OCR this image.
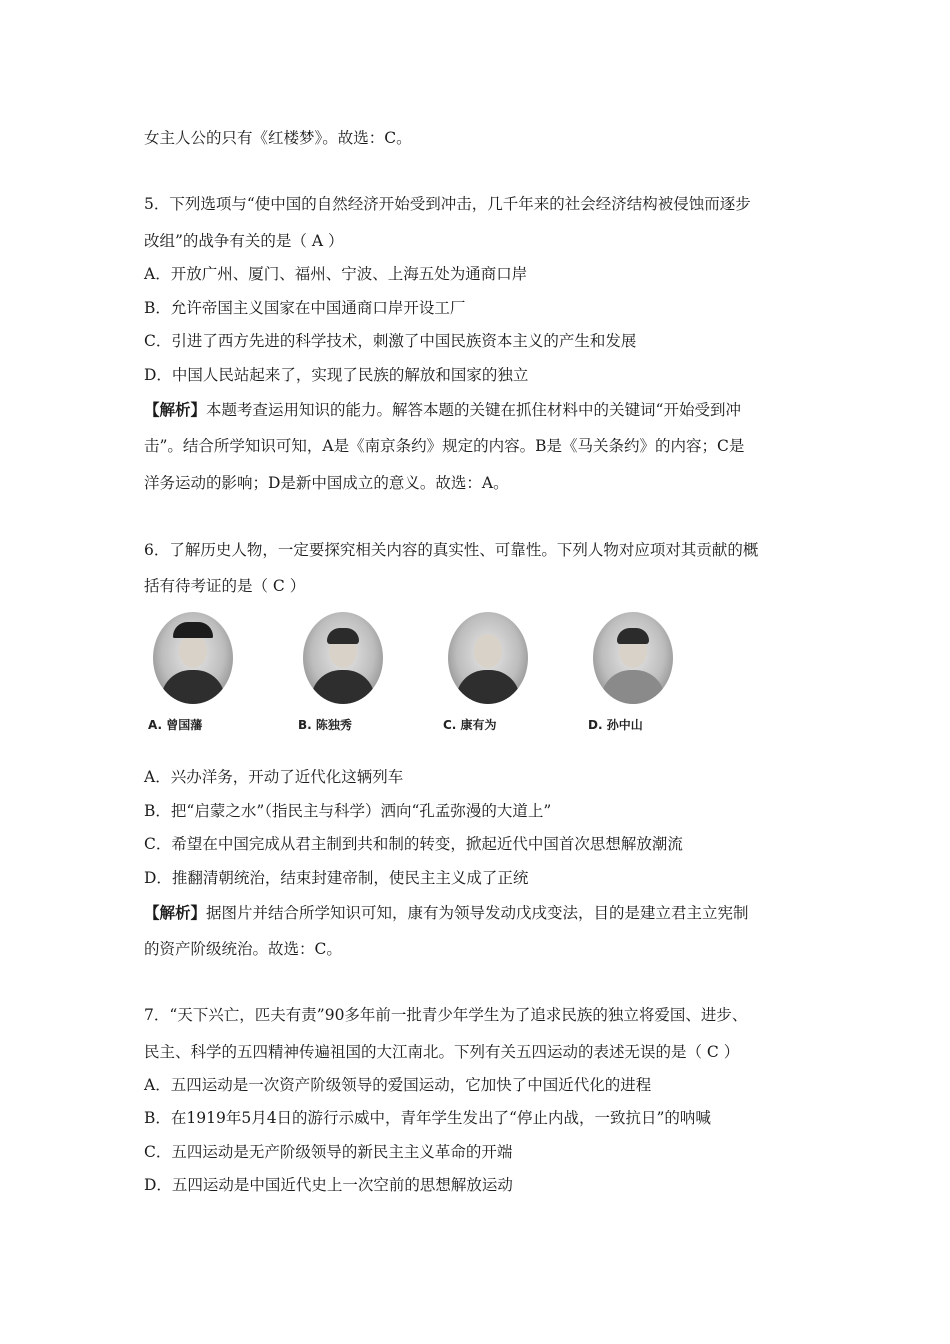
女主人公的只有《红楼梦》。故选：C。
5．下列选项与“使中国的自然经济开始受到冲击，几千年来的社会经济结构被侵蚀而逐步
改组”的战争有关的是（ A ）
A．开放广州、厦门、福州、宁波、上海五处为通商口岸
B．允许帝国主义国家在中国通商口岸开设工厂
C．引进了西方先进的科学技术，刺激了中国民族资本主义的产生和发展
D．中国人民站起来了，实现了民族的解放和国家的独立
【解析】本题考查运用知识的能力。解答本题的关键在抓住材料中的关键词“开始受到冲
击”。结合所学知识可知，A是《南京条约》规定的内容。B是《马关条约》的内容；C是
洋务运动的影响；D是新中国成立的意义。故选：A。
6．了解历史人物，一定要探究相关内容的真实性、可靠性。下列人物对应项对其贡献的概
括有待考证的是（ C ）
A. 曾国藩	B. 陈独秀	C. 康有为	D. 孙中山
A．兴办洋务，开动了近代化这辆列车
B．把“启蒙之水”（指民主与科学）洒向“孔孟弥漫的大道上”
C．希望在中国完成从君主制到共和制的转变，掀起近代中国首次思想解放潮流
D．推翻清朝统治，结束封建帝制，使民主主义成了正统
【解析】据图片并结合所学知识可知，康有为领导发动戊戌变法，目的是建立君主立宪制
的资产阶级统治。故选：C。
7．“天下兴亡，匹夫有责”90多年前一批青少年学生为了追求民族的独立将爱国、进步、
民主、科学的五四精神传遍祖国的大江南北。下列有关五四运动的表述无误的是（ C ）
A．五四运动是一次资产阶级领导的爱国运动，它加快了中国近代化的进程
B．在1919年5月4日的游行示威中，青年学生发出了“停止内战，一致抗日”的呐喊
C．五四运动是无产阶级领导的新民主主义革命的开端
D．五四运动是中国近代史上一次空前的思想解放运动
